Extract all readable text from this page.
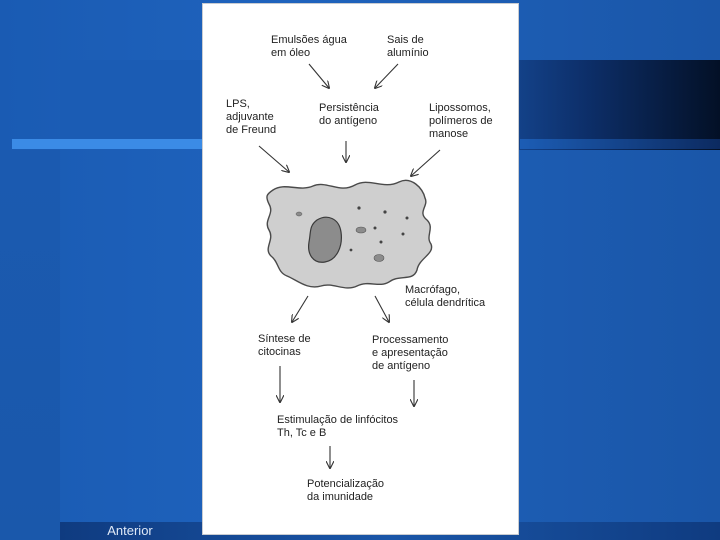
Anterior
Emulsões água
em óleo
Sais de
alumínio
LPS,
adjuvante
de Freund
Persistência
do antígeno
Lipossomos,
polímeros de
manose
Macrófago,
célula dendrítica
Síntese de
citocinas
Processamento
e apresentação
de antígeno
Estimulação de linfócitos
Th, Tc e B
Potencialização
da imunidade
